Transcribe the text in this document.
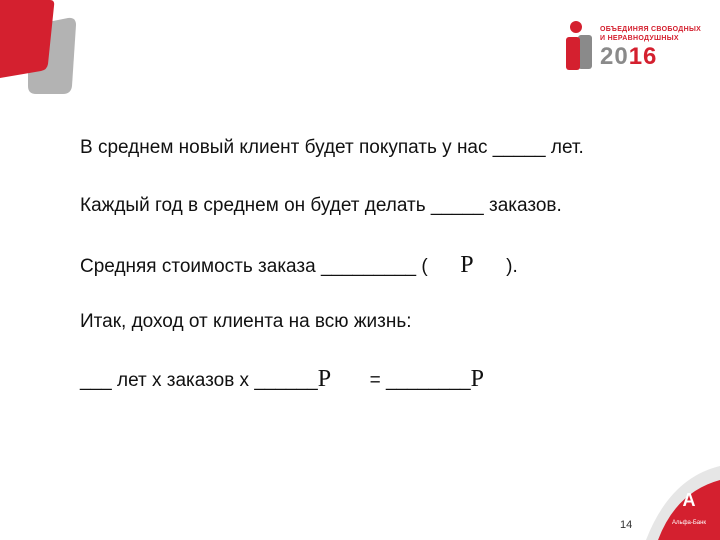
ОБЪЕДИНЯЯ СВОБОДНЫХ
И НЕРАВНОДУШНЫХ
2016

В среднем новый клиент будет покупать у нас _____ лет.

Каждый год в среднем он будет делать _____ заказов.

Средняя стоимость заказа _________ ( Р ).

Итак, доход от клиента на всю жизнь:

___ лет х заказов х ______Р = ________Р

А
Альфа-Банк
14
